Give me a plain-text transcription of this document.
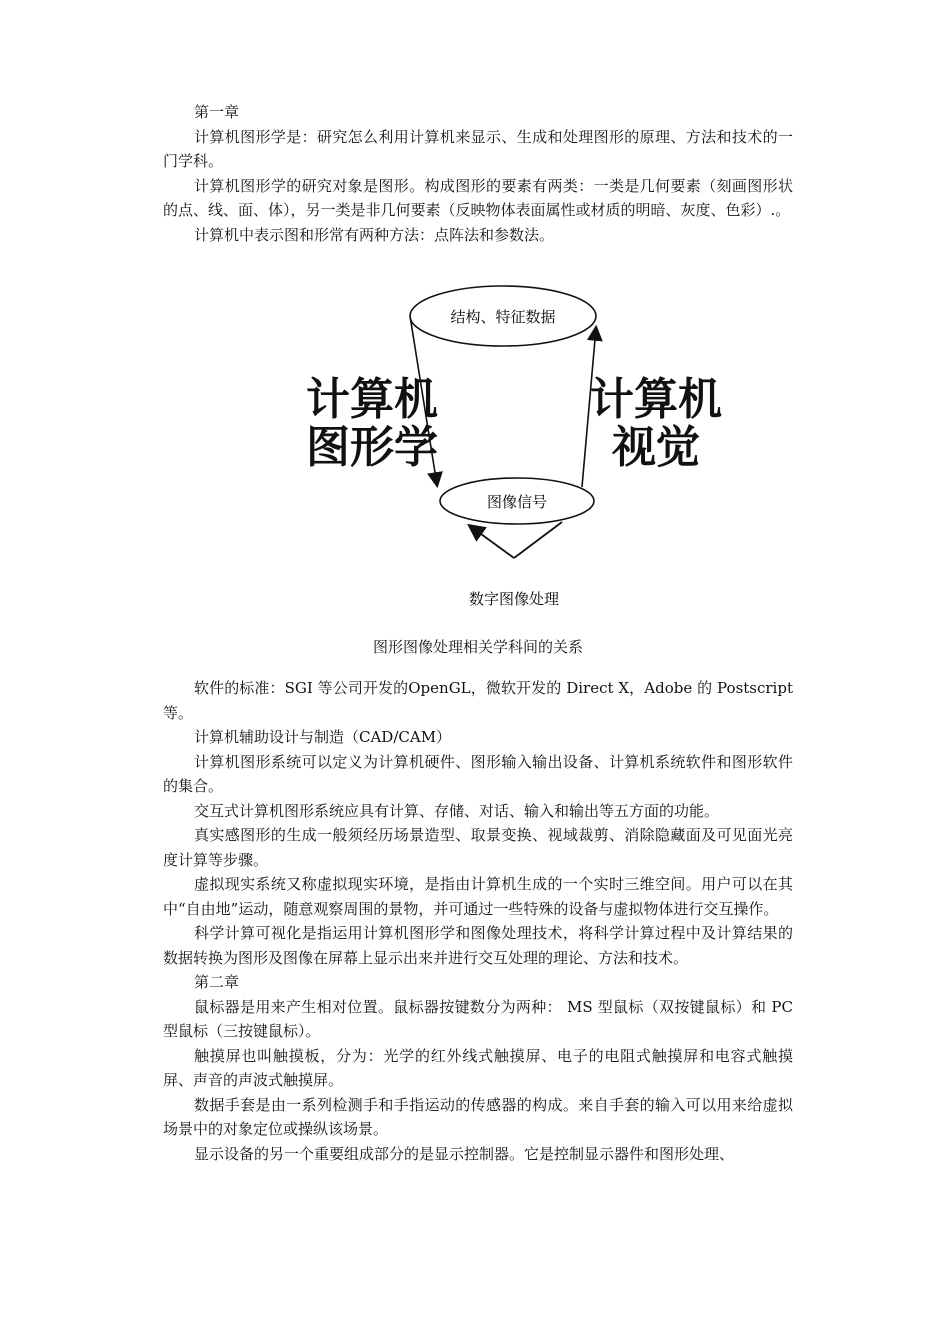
第一章

计算机图形学是：研究怎么利用计算机来显示、生成和处理图形的原理、方法和技术的一门学科。

计算机图形学的研究对象是图形。构成图形的要素有两类：一类是几何要素（刻画图形状的点、线、面、体），另一类是非几何要素（反映物体表面属性或材质的明暗、灰度、色彩）.。

计算机中表示图和形常有两种方法：点阵法和参数法。

结构、特征数据
图像信号
计算机
图形学
计算机
视觉
数字图像处理
图形图像处理相关学科间的关系

软件的标准：SGI 等公司开发的OpenGL，微软开发的 Direct X，Adobe 的 Postscript 等。

计算机辅助设计与制造（CAD/CAM）

计算机图形系统可以定义为计算机硬件、图形输入输出设备、计算机系统软件和图形软件的集合。

交互式计算机图形系统应具有计算、存储、对话、输入和输出等五方面的功能。

真实感图形的生成一般须经历场景造型、取景变换、视域裁剪、消除隐藏面及可见面光亮度计算等步骤。

虚拟现实系统又称虚拟现实环境，是指由计算机生成的一个实时三维空间。用户可以在其中“自由地”运动，随意观察周围的景物，并可通过一些特殊的设备与虚拟物体进行交互操作。

科学计算可视化是指运用计算机图形学和图像处理技术，将科学计算过程中及计算结果的数据转换为图形及图像在屏幕上显示出来并进行交互处理的理论、方法和技术。

第二章

鼠标器是用来产生相对位置。鼠标器按键数分为两种： MS 型鼠标（双按键鼠标）和 PC 型鼠标（三按键鼠标）。

触摸屏也叫触摸板，分为：光学的红外线式触摸屏、电子的电阻式触摸屏和电容式触摸屏、声音的声波式触摸屏。

数据手套是由一系列检测手和手指运动的传感器的构成。来自手套的输入可以用来给虚拟场景中的对象定位或操纵该场景。

显示设备的另一个重要组成部分的是显示控制器。它是控制显示器件和图形处理、
